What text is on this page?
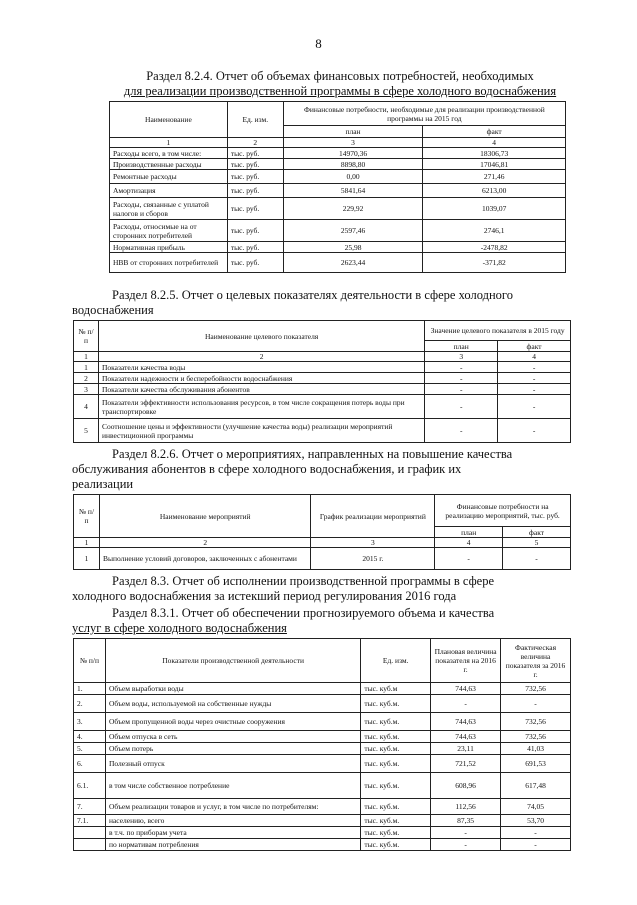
8
Раздел 8.2.4. Отчет об объемах финансовых потребностей, необходимых
для реализации производственной программы в сфере холодного водоснабжения
Наименование	Ед. изм.	Финансовые потребности, необходимые для реализации производственной программы на 2015 год	
		план	факт
1	2	3	4
Расходы всего, в том числе:	тыс. руб.	14970,36	18306,73
Производственные расходы	тыс. руб.	8898,80	17046,81
Ремонтные расходы	тыс. руб.	0,00	271,46
Амортизация	тыс. руб.	5841,64	6213,00
Расходы, связанные с уплатой налогов и сборов	тыс. руб.	229,92	1039,07
Расходы, относимые на от сторонних потребителей	тыс. руб.	2597,46	2746,1
Нормативная прибыль	тыс. руб.	25,98	-2478,82
НВВ от сторонних потребителей	тыс. руб.	2623,44	-371,82
Раздел 8.2.5. Отчет о целевых показателях деятельности в сфере холодного
водоснабжения
№ п/п	Наименование целевого показателя	Значение целевого показателя в 2015 году	
		план	факт
1	2	3	4
1	Показатели качества воды	-	-
2	Показатели надежности и бесперебойности водоснабжения	-	-
3	Показатели качества обслуживания абонентов	-	-
4	Показатели эффективности использования ресурсов, в том числе сокращения потерь воды при транспортировке	-	-
5	Соотношение цены и эффективности (улучшение качества воды) реализации мероприятий инвестиционной программы	-	-
Раздел 8.2.6. Отчет о мероприятиях, направленных на повышение качества
обслуживания абонентов в сфере холодного водоснабжения, и график их
реализации
№ п/п	Наименование мероприятий	График реализации мероприятий	Финансовые потребности на реализацию мероприятий, тыс. руб.	
			план	факт
1	2	3	4	5
1	Выполнение условий договоров, заключенных с абонентами	2015 г.	-	-
Раздел 8.3. Отчет об исполнении производственной программы в сфере
холодного водоснабжения за истекший период регулирования 2016 года
Раздел 8.3.1. Отчет об обеспечении прогнозируемого объема и качества
услуг в сфере холодного водоснабжения
№ п/п	Показатели производственной деятельности	Ед. изм.	Плановая величина показателя на 2016 г.	Фактическая величина показателя за 2016 г.
1.	Объем выработки воды	тыс. куб.м	744,63	732,56
2.	Объем воды, используемой на собственные нужды	тыс. куб.м.	-	-
3.	Объем пропущенной воды через очистные сооружения	тыс. куб.м.	744,63	732,56
4.	Объем отпуска в сеть	тыс. куб.м.	744,63	732,56
5.	Объем потерь	тыс. куб.м.	23,11	41,03
6.	Полезный отпуск	тыс. куб.м.	721,52	691,53
6.1.	в том числе собственное потребление	тыс. куб.м.	608,96	617,48
7.	Объем реализации товаров и услуг, в том числе по потребителям:	тыс. куб.м.	112,56	74,05
7.1.	населению, всего	тыс. куб.м.	87,35	53,70
	в т.ч. по приборам учета	тыс. куб.м.	-	-
	по нормативам потребления	тыс. куб.м.	-	-
